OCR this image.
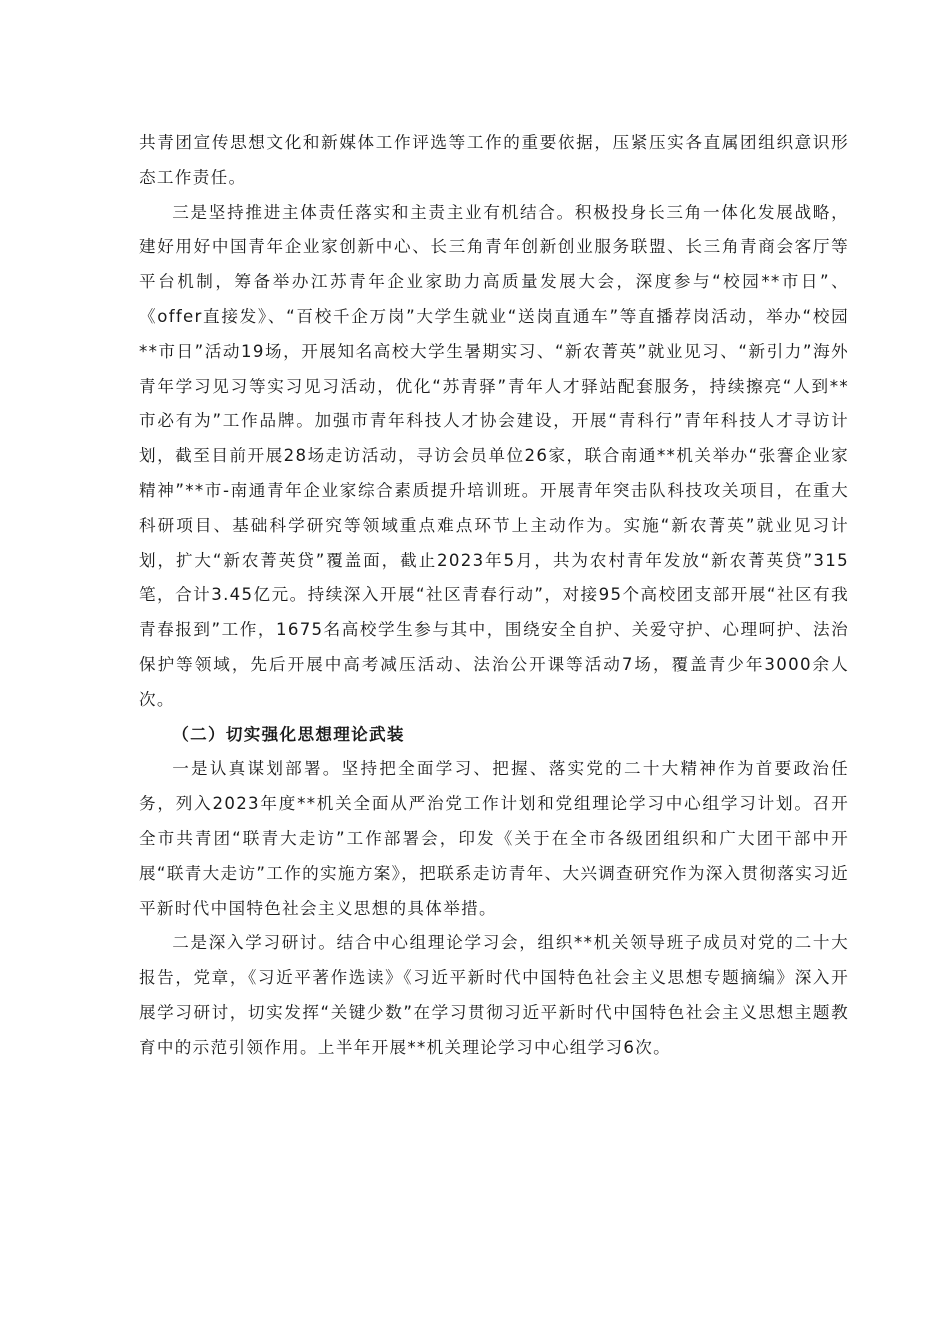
共青团宣传思想文化和新媒体工作评选等工作的重要依据，压紧压实各直属团组织意识形态工作责任。

三是坚持推进主体责任落实和主责主业有机结合。积极投身长三角一体化发展战略，建好用好中国青年企业家创新中心、长三角青年创新创业服务联盟、长三角青商会客厅等平台机制，筹备举办江苏青年企业家助力高质量发展大会，深度参与“校园**市日”、《offer直接发》、“百校千企万岗”大学生就业“送岗直通车”等直播荐岗活动，举办“校园**市日”活动19场，开展知名高校大学生暑期实习、“新农菁英”就业见习、“新引力”海外青年学习见习等实习见习活动，优化“苏青驿”青年人才驿站配套服务，持续擦亮“人到**市必有为”工作品牌。加强市青年科技人才协会建设，开展“青科行”青年科技人才寻访计划，截至目前开展28场走访活动，寻访会员单位26家，联合南通**机关举办“张謇企业家精神”**市-南通青年企业家综合素质提升培训班。开展青年突击队科技攻关项目，在重大科研项目、基础科学研究等领域重点难点环节上主动作为。实施“新农菁英”就业见习计划，扩大“新农菁英贷”覆盖面，截止2023年5月，共为农村青年发放“新农菁英贷”315笔，合计3.45亿元。持续深入开展“社区青春行动”，对接95个高校团支部开展“社区有我青春报到”工作，1675名高校学生参与其中，围绕安全自护、关爱守护、心理呵护、法治保护等领域，先后开展中高考减压活动、法治公开课等活动7场，覆盖青少年3000余人次。

（二）切实强化思想理论武装

一是认真谋划部署。坚持把全面学习、把握、落实党的二十大精神作为首要政治任务，列入2023年度**机关全面从严治党工作计划和党组理论学习中心组学习计划。召开全市共青团“联青大走访”工作部署会，印发《关于在全市各级团组织和广大团干部中开展“联青大走访”工作的实施方案》，把联系走访青年、大兴调查研究作为深入贯彻落实习近平新时代中国特色社会主义思想的具体举措。

二是深入学习研讨。结合中心组理论学习会，组织**机关领导班子成员对党的二十大报告，党章，《习近平著作选读》《习近平新时代中国特色社会主义思想专题摘编》深入开展学习研讨，切实发挥“关键少数”在学习贯彻习近平新时代中国特色社会主义思想主题教育中的示范引领作用。上半年开展**机关理论学习中心组学习6次。
